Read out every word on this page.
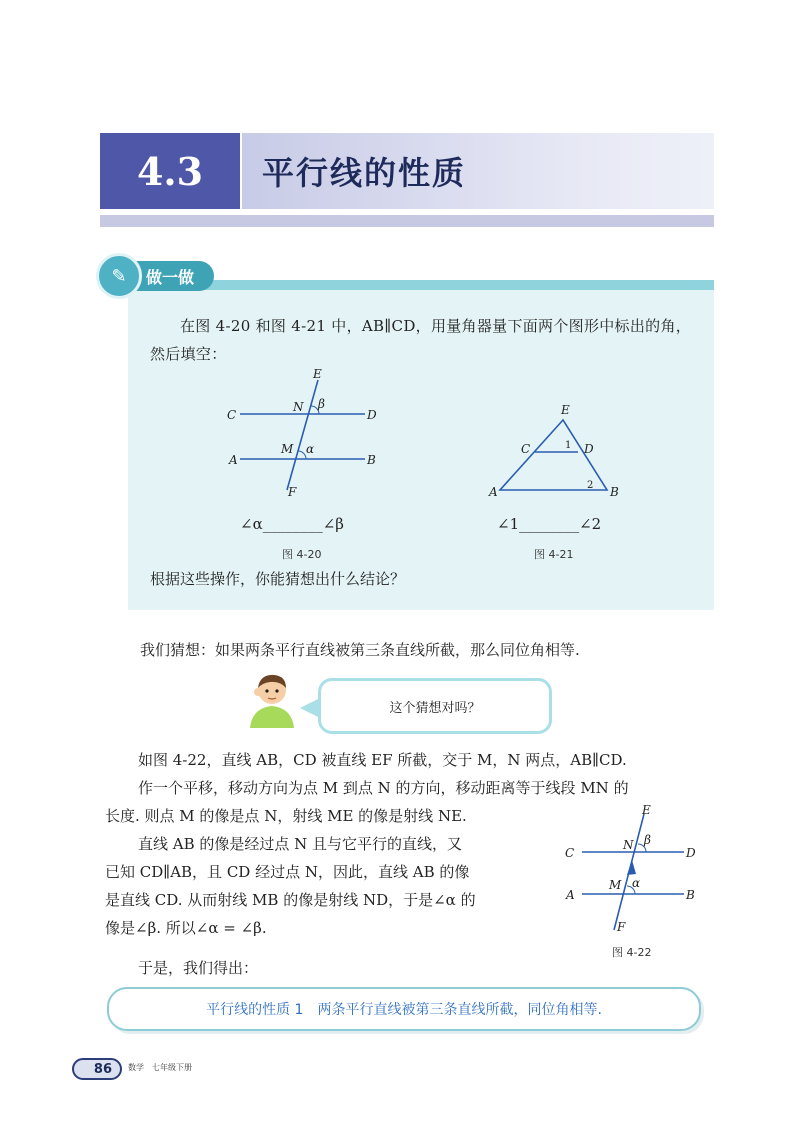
4.3	平行线的性质
做一做
✎
在图 4-20 和图 4-21 中，AB∥CD，用量角器量下面两个图形中标出的角，然后填空：
E
C
N β
D
A
M α
B
F
∠α________∠β
图 4-20
E
C	1 D
A	2 B
∠1________∠2
图 4-21
根据这些操作，你能猜想出什么结论？
我们猜想：如果两条平行直线被第三条直线所截，那么同位角相等.
这个猜想对吗？
如图 4-22，直线 AB，CD 被直线 EF 所截，交于 M，N 两点，AB∥CD.
作一个平移，移动方向为点 M 到点 N 的方向，移动距离等于线段 MN 的
长度. 则点 M 的像是点 N，射线 ME 的像是射线 NE.
直线 AB 的像是经过点 N 且与它平行的直线，又
已知 CD∥AB，且 CD 经过点 N，因此，直线 AB 的像
是直线 CD. 从而射线 MB 的像是射线 ND，于是∠α 的
像是∠β. 所以∠α = ∠β.
于是，我们得出：
E
C
N β
D
A
M α
B
F
图 4-22
平行线的性质 1　两条平行直线被第三条直线所截，同位角相等.
86 数学　七年级下册
